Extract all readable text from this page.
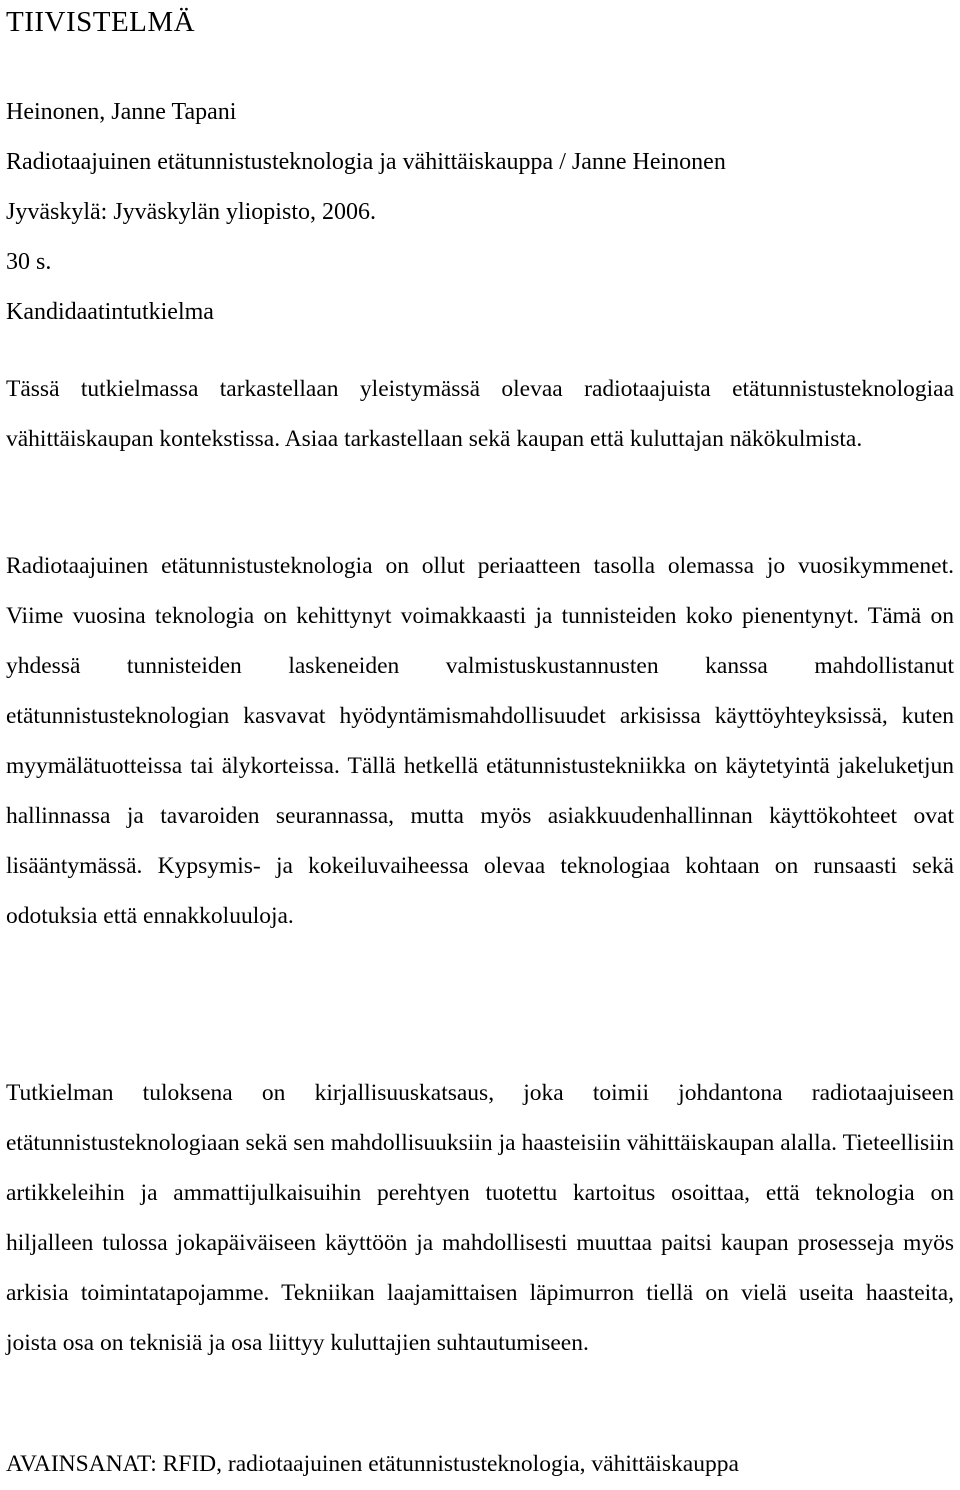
TIIVISTELMÄ
Heinonen, Janne Tapani
Radiotaajuinen etätunnistusteknologia ja vähittäiskauppa / Janne Heinonen
Jyväskylä: Jyväskylän yliopisto, 2006.
30 s.
Kandidaatintutkielma

Tässä tutkielmassa tarkastellaan yleistymässä olevaa radiotaajuista etätunnistusteknologiaa vähittäiskaupan kontekstissa. Asiaa tarkastellaan sekä kaupan että kuluttajan näkökulmista.

Radiotaajuinen etätunnistusteknologia on ollut periaatteen tasolla olemassa jo vuosikymmenet. Viime vuosina teknologia on kehittynyt voimakkaasti ja tunnisteiden koko pienentynyt. Tämä on yhdessä tunnisteiden laskeneiden valmistuskustannusten kanssa mahdollistanut etätunnistusteknologian kasvavat hyödyntämismahdollisuudet arkisissa käyttöyhteyksissä, kuten myymälätuotteissa tai älykorteissa. Tällä hetkellä etätunnistustekniikka on käytetyintä jakeluketjun hallinnassa ja tavaroiden seurannassa, mutta myös asiakkuudenhallinnan käyttökohteet ovat lisääntymässä. Kypsymis- ja kokeiluvaiheessa olevaa teknologiaa kohtaan on runsaasti sekä odotuksia että ennakkoluuloja.

Tutkielman tuloksena on kirjallisuuskatsaus, joka toimii johdantona radiotaajuiseen etätunnistusteknologiaan sekä sen mahdollisuuksiin ja haasteisiin vähittäiskaupan alalla. Tieteellisiin artikkeleihin ja ammattijulkaisuihin perehtyen tuotettu kartoitus osoittaa, että teknologia on hiljalleen tulossa jokapäiväiseen käyttöön ja mahdollisesti muuttaa paitsi kaupan prosesseja myös arkisia toimintatapojamme. Tekniikan laajamittaisen läpimurron tiellä on vielä useita haasteita, joista osa on teknisiä ja osa liittyy kuluttajien suhtautumiseen.

AVAINSANAT: RFID, radiotaajuinen etätunnistusteknologia, vähittäiskauppa
